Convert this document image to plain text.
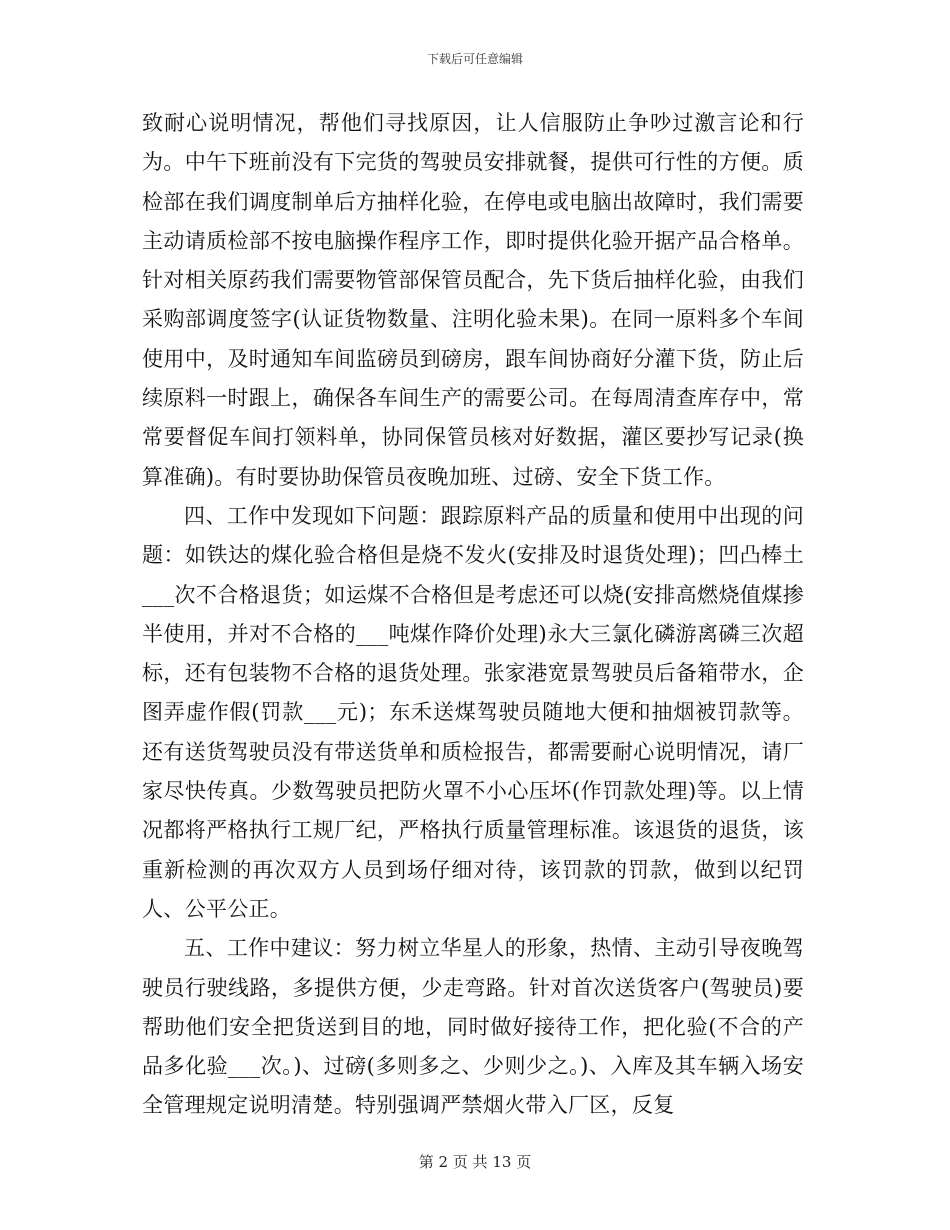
下载后可任意编辑

致耐心说明情况，帮他们寻找原因，让人信服防止争吵过激言论和行为。中午下班前没有下完货的驾驶员安排就餐，提供可行性的方便。质检部在我们调度制单后方抽样化验，在停电或电脑出故障时，我们需要主动请质检部不按电脑操作程序工作，即时提供化验开据产品合格单。针对相关原药我们需要物管部保管员配合，先下货后抽样化验，由我们采购部调度签字(认证货物数量、注明化验未果)。在同一原料多个车间使用中，及时通知车间监磅员到磅房，跟车间协商好分灌下货，防止后续原料一时跟上，确保各车间生产的需要公司。在每周清查库存中，常常要督促车间打领料单，协同保管员核对好数据，灌区要抄写记录(换算准确)。有时要协助保管员夜晚加班、过磅、安全下货工作。

四、工作中发现如下问题：跟踪原料产品的质量和使用中出现的问题：如铁达的煤化验合格但是烧不发火(安排及时退货处理)；凹凸棒土___次不合格退货；如运煤不合格但是考虑还可以烧(安排高燃烧值煤掺半使用，并对不合格的___吨煤作降价处理)永大三氯化磷游离磷三次超标，还有包装物不合格的退货处理。张家港宽景驾驶员后备箱带水，企图弄虚作假(罚款___元)；东禾送煤驾驶员随地大便和抽烟被罚款等。还有送货驾驶员没有带送货单和质检报告，都需要耐心说明情况，请厂家尽快传真。少数驾驶员把防火罩不小心压坏(作罚款处理)等。以上情况都将严格执行工规厂纪，严格执行质量管理标准。该退货的退货，该重新检测的再次双方人员到场仔细对待，该罚款的罚款，做到以纪罚人、公平公正。

五、工作中建议：努力树立华星人的形象，热情、主动引导夜晚驾驶员行驶线路，多提供方便，少走弯路。针对首次送货客户(驾驶员)要帮助他们安全把货送到目的地，同时做好接待工作，把化验(不合的产品多化验___次。)、过磅(多则多之、少则少之。)、入库及其车辆入场安全管理规定说明清楚。特别强调严禁烟火带入厂区，反复

第 2 页 共 13 页
